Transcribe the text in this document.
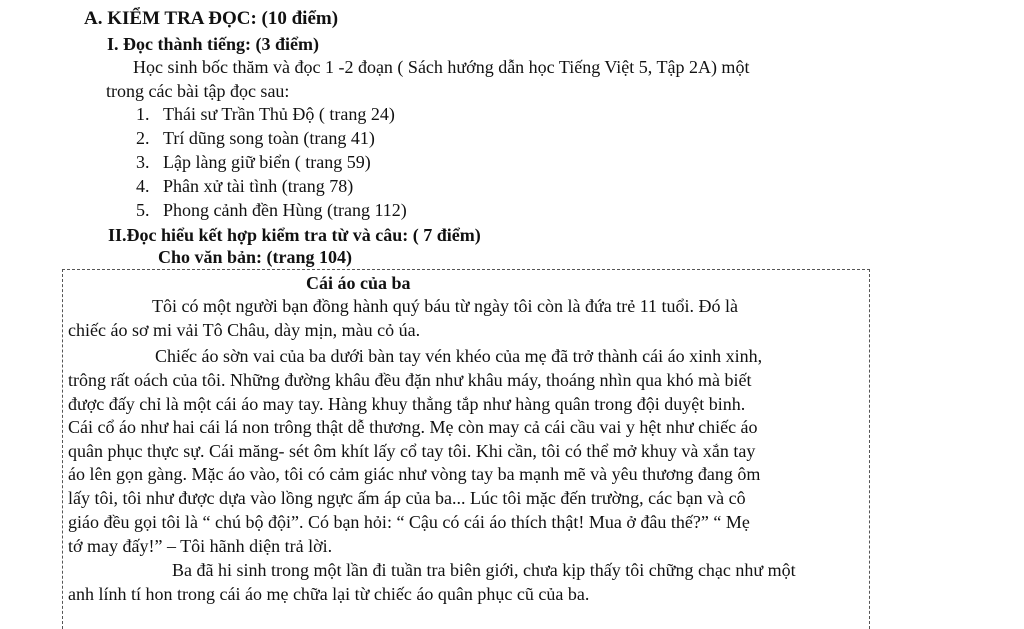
A. KIỂM TRA ĐỌC: (10 điểm)
I. Đọc thành tiếng: (3 điểm)
Học sinh bốc thăm và đọc 1 -2 đoạn ( Sách hướng dẫn học Tiếng Việt 5, Tập 2A) một
trong các bài tập đọc sau:
1. Thái sư Trần Thủ Độ ( trang 24)
2. Trí dũng song toàn (trang 41)
3. Lập làng giữ biển ( trang 59)
4. Phân xử tài tình (trang 78)
5. Phong cảnh đền Hùng (trang 112)
II.Đọc hiểu kết hợp kiểm tra từ và câu: ( 7 điểm)
Cho văn bản: (trang 104)
Cái áo của ba
Tôi có một người bạn đồng hành quý báu từ ngày tôi còn là đứa trẻ 11 tuổi. Đó là
chiếc áo sơ mi vải Tô Châu, dày mịn, màu cỏ úa.
Chiếc áo sờn vai của ba dưới bàn tay vén khéo của mẹ đã trở thành cái áo xinh xinh,
trông rất oách của tôi. Những đường khâu đều đặn như khâu máy, thoáng nhìn qua khó mà biết
được đấy chỉ là một cái áo may tay. Hàng khuy thẳng tắp như hàng quân trong đội duyệt binh.
Cái cổ áo như hai cái lá non trông thật dễ thương. Mẹ còn may cả cái cầu vai y hệt như chiếc áo
quân phục thực sự. Cái măng- sét ôm khít lấy cổ tay tôi. Khi cần, tôi có thể mở khuy và xắn tay
áo lên gọn gàng. Mặc áo vào, tôi có cảm giác như vòng tay ba mạnh mẽ và yêu thương đang ôm
lấy tôi, tôi như được dựa vào lồng ngực ấm áp của ba... Lúc tôi mặc đến trường, các bạn và cô
giáo đều gọi tôi là “ chú bộ đội”. Có bạn hỏi: “ Cậu có cái áo thích thật! Mua ở đâu thế?” “ Mẹ
tớ may đấy!” – Tôi hãnh diện trả lời.
Ba đã hi sinh trong một lần đi tuần tra biên giới, chưa kịp thấy tôi chững chạc như một
anh lính tí hon trong cái áo mẹ chữa lại từ chiếc áo quân phục cũ của ba.
